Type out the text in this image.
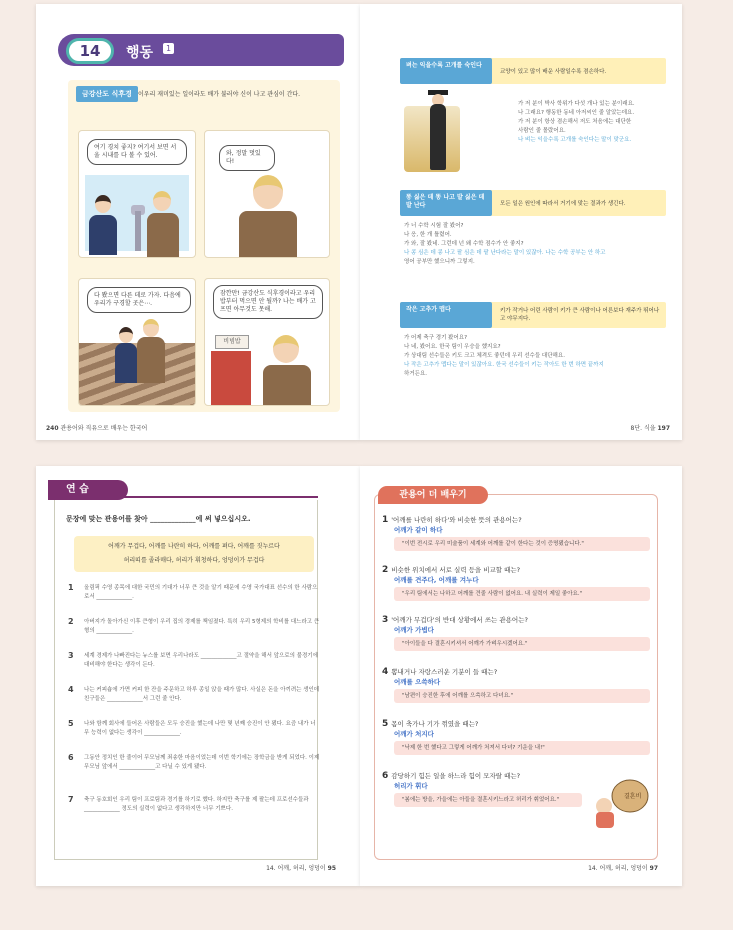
14	행동	1
금강산도 식후경	이우리 재미있는 일이라도 배가 불러야 신이 나고 관심이 간다.
여기 경치 좋지? 여기서 보면 서울 시내를 다 볼 수 있어.	와, 정말 멋있다!
다 봤으면 다른 데로 가자. 다음에 우리가 구경할 곳은⋯.
잠깐만! 금강산도 식후경이라고 우리 밥부터 먹으면 안 될까? 나는 배가 고프면 아무것도 못해.
비빔밥
240 관용어와 직유으로 배우는 한국어
벼는 익을수록 고개를 숙인다
교양이 있고 많이 배운 사람일수록 겸손하다.
가 저 분이 박사 학위가 다섯 개나 있는 분이래요.
나 그래요? 행동한 동네 아저씨인 줄 알았는데요.
가 저 분이 항상 겸손해서 저도 처음에는 대단한
사람인 줄 몰랐어요.
나 벼는 익을수록 고개를 숙인다는 말이 맞군요.
똥 싫은 데 똥 나고 발 싫은 데 발 난다	모든 일은 원인에 따라서 거기에 맞는 결과가 생긴다.
가 너 수학 시험 잘 봤어?
나 응, 한 개 틀렸어.
가 와, 잘 봤네. 그런데 넌 왜 수학 점수가 안 좋지?
나 콩 심은 데 콩 나고 팥 심은 데 팥 난다라는 말이 있잖아. 나는 수학 공부는 안 하고
영어 공부만 했으니까 그렇지.
작은 고추가 맵다	키가 작거나 어린 사람이 키가 큰 사람이나 어른보다 재주가 뛰어나고 야무지다.
가 어제 축구 경기 봤어요?
나 네, 봤어요. 한국 팀이 우승을 했지요?
가 상대팀 선수들은 키도 크고 체격도 좋던데 우리 선수들 대단해요.
나 작은 고추가 맵다는 말이 있잖아요. 한국 선수들이 키는 작아도 한 번 하면 끝까지
하거든요.
8단. 식을 197
연 습
문장에 맞는 관용어를 찾아 _____________에 써 넣으십시오.
어깨가 무겁다, 어깨를 나란히 하다, 어깨를 펴다, 어깨를 짓누르다
허리띠를 졸라매다, 허리가 휘청하다, 엉덩이가 무겁다
1 올림픽 수영 종목에 대한 국민의 기대가 너무 큰 것을 알기 때문에 수영 국가대표 선수의 한 사람으로서 _____________.
2 아버지가 돌아가신 이후 큰형이 우리 집의 경제를 책임졌다. 특히 우리 5형제의 학비를 대느라고 큰형의 _____________.
3 세계 경제가 나빠진다는 뉴스를 보면 우리나라도 _____________고 절약을 해서 앞으로의 불경기에 대비해야 한다는 생각이 든다.
4 나는 커피숍에 가면 커피 한 잔을 주문하고 하루 종일 앉을 때가 많다. 사실은 돈을 아끼려는 생인데 친구들은 _____________서 그런 줄 안다.
5 나와 함께 회사에 들어온 사람들은 모두 승진을 했는데 나만 몇 년째 승진이 안 됐다. 요즘 내가 너무 능력이 없다는 생각이 _____________.
6 그동안 정치인 한 줄이어 무모님께 죄송한 마음이었는데 이번 학기에는 장학금을 받게 되었다. 이제 무모님 앞에서 _____________고 다닐 수 있게 됐다.
7 축구 동호회인 우리 팀이 프로팀과 경기를 하기로 했다. 하지만 축구를 제 팔는데 프로선수들과 _____________ 정도의 실력이 없다고 생각하지만 너무 기쁘다.
14. 어깨, 허리, 엉덩이 95
관용어 더 배우기
1 '어깨를 나란히 하다'와 비슷한 뜻의 관용어는?
어깨가 같이 하다
"이번 전시로 우리 미술품이 세계와 어깨를 같이 한다는 것이 증명됐습니다."
2 비슷한 위치에서 서로 실력 등을 비교할 때는?
어깨를 견주다, 어깨를 겨누다
"우리 팀에서는 나하고 어깨를 견줄 사람이 없어요. 내 실력이 제일 좋아요."
3 '어깨가 무겁다'의 반대 상황에서 쓰는 관용어는?
어깨가 가볍다
"아이들을 다 결혼시키셔서 어깨가 가벼우시겠어요."
4 뽐내거나 자랑스러운 기분이 들 때는?
어깨를 으쓱하다
"남편이 승진한 후에 어깨를 으쓱하고 다녀요."
5 몸이 축가나 기가 꺾였을 때는?
어깨가 처지다
"낙제 한 번 했다고 그렇게 어깨가 처져서 다녀? 기운을 내!"
6 감당하기 힘든 일을 하느라 힘이 모자랄 때는?
허리가 휘다
"봄에는 방을, 가을에는 아들을 결혼시키느라고 허리가 휘었어요."	결혼비
14. 어깨, 허리, 엉덩이 97
